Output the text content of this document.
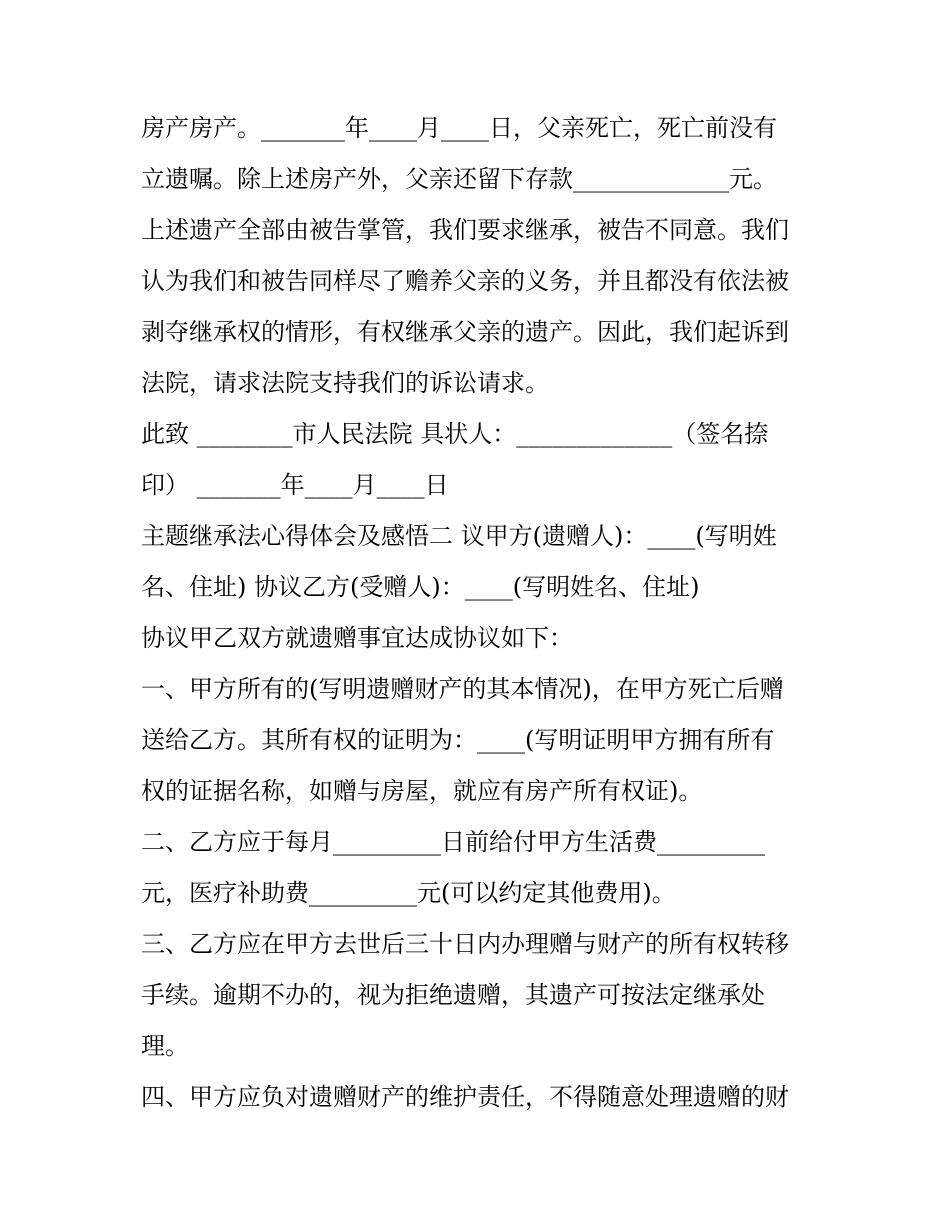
房产房产。_______年____月____日，父亲死亡，死亡前没有
立遗嘱。除上述房产外，父亲还留下存款_____________元。
上述遗产全部由被告掌管，我们要求继承，被告不同意。我们
认为我们和被告同样尽了赡养父亲的义务，并且都没有依法被
剥夺继承权的情形，有权继承父亲的遗产。因此，我们起诉到
法院，请求法院支持我们的诉讼请求。
此致 ________市人民法院 具状人：_____________（签名捺
印） _______年____月____日
主题继承法心得体会及感悟二 议甲方(遗赠人)：____(写明姓
名、住址) 协议乙方(受赠人)：____(写明姓名、住址)
协议甲乙双方就遗赠事宜达成协议如下：
一、甲方所有的(写明遗赠财产的其本情况)，在甲方死亡后赠
送给乙方。其所有权的证明为：____(写明证明甲方拥有所有
权的证据名称，如赠与房屋，就应有房产所有权证)。
二、乙方应于每月_________日前给付甲方生活费_________
元，医疗补助费_________元(可以约定其他费用)。
三、乙方应在甲方去世后三十日内办理赠与财产的所有权转移
手续。逾期不办的，视为拒绝遗赠，其遗产可按法定继承处
理。
四、甲方应负对遗赠财产的维护责任，不得随意处理遗赠的财
